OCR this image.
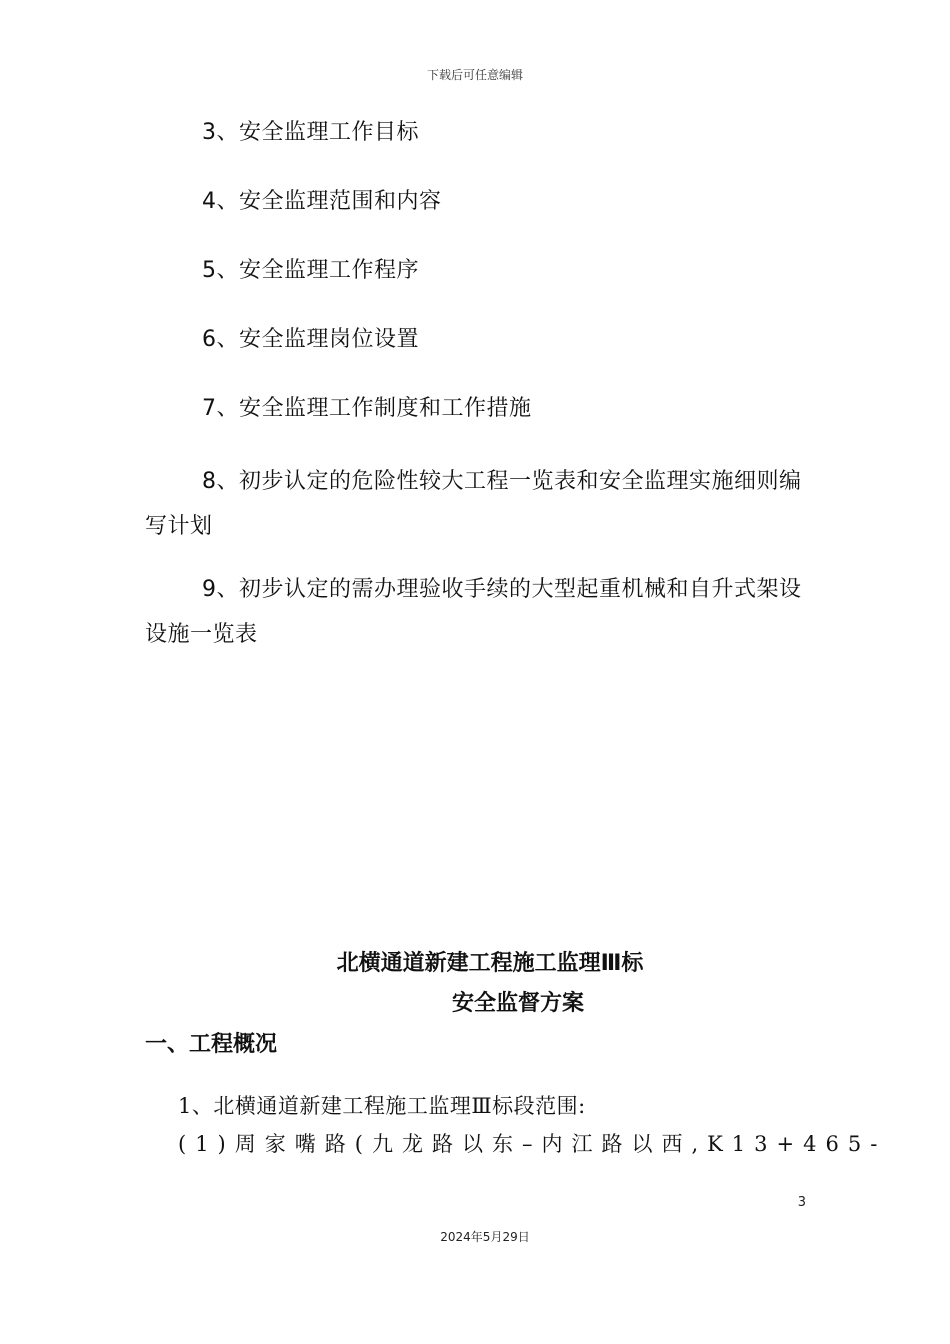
下载后可任意编辑

3、安全监理工作目标

4、安全监理范围和内容

5、安全监理工作程序

6、安全监理岗位设置

7、安全监理工作制度和工作措施

8、初步认定的危险性较大工程一览表和安全监理实施细则编写计划

9、初步认定的需办理验收手续的大型起重机械和自升式架设设施一览表

北横通道新建工程施工监理Ⅲ标
安全监督方案
一、工程概况
1、北横通道新建工程施工监理Ⅲ标段范围:
(1)周家嘴路(九龙路以东–内江路以西,K13+465-
3
2024年5月29日
